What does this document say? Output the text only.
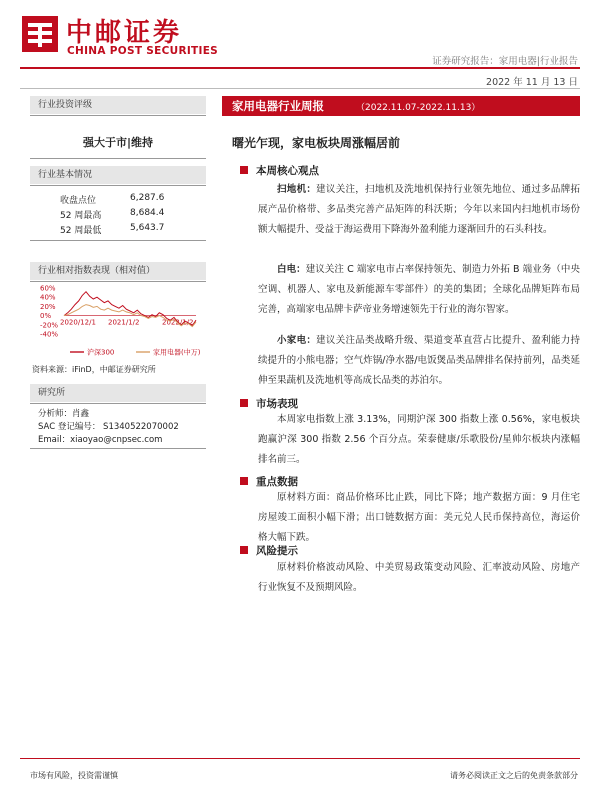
中邮证券
CHINA POST SECURITIES
证券研究报告：家用电器|行业报告
2022 年 11 月 13 日
行业投资评级
强大于市|维持
行业基本情况
收盘点位	6,287.6
52 周最高	8,684.4
52 周最低	5,643.7
行业相对指数表现（相对值）
60%
40%
20%
0%
-20%
-40%
2020/12/1 2021/1/2	2022/1/2
沪深300	家用电器(中万)
资料来源：iFinD，中邮证券研究所
研究所
分析师：肖鑫
SAC 登记编号： S1340522070002
Email：xiaoyao@cnpsec.com
家用电器行业周报	（2022.11.07-2022.11.13）
曙光乍现，家电板块周涨幅居前
本周核心观点
扫地机：建议关注，扫地机及洗地机保持行业领先地位、通过多品牌拓展产品价格带、多品类完善产品矩阵的科沃斯；今年以来国内扫地机市场份额大幅提升、受益于海运费用下降海外盈利能力逐渐回升的石头科技。
白电：建议关注 C 端家电市占率保持领先、制造力外拓 B 端业务（中央空调、机器人、家电及新能源车零部件）的美的集团；全球化品牌矩阵布局完善，高端家电品牌卡萨帝业务增速领先于行业的海尔智家。
小家电：建议关注品类战略升级、渠道变革直营占比提升、盈利能力持续提升的小熊电器；空气炸锅/净水器/电饭煲品类品牌排名保持前列，品类延伸至果蔬机及洗地机等高成长品类的苏泊尔。
市场表现
本周家电指数上涨 3.13%，同期沪深 300 指数上涨 0.56%，家电板块跑赢沪深 300 指数 2.56 个百分点。荣泰健康/乐歌股份/星帅尔板块内涨幅排名前三。
重点数据
原材料方面：商品价格环比止跌，同比下降；地产数据方面：9 月住宅房屋竣工面积小幅下滑；出口链数据方面：美元兑人民币保持高位，海运价格大幅下跌。
风险提示
原材料价格波动风险、中美贸易政策变动风险、汇率波动风险、房地产行业恢复不及预期风险。
市场有风险，投资需谨慎	请务必阅读正文之后的免责条款部分
